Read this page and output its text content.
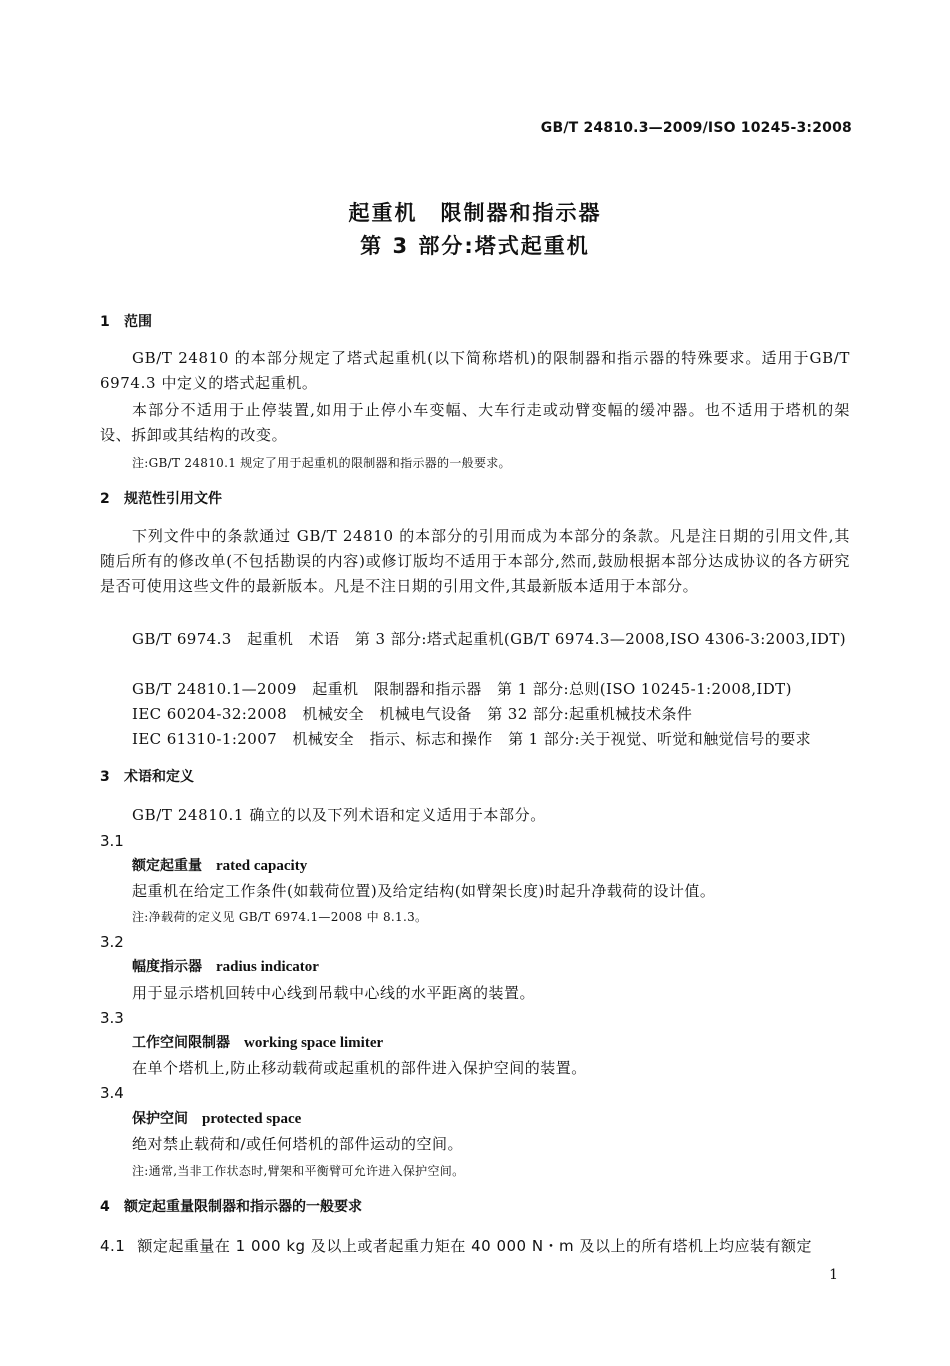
GB/T 24810.3—2009/ISO 10245-3:2008
起重机　限制器和指示器
第 3 部分:塔式起重机
1 范围
GB/T 24810 的本部分规定了塔式起重机(以下简称塔机)的限制器和指示器的特殊要求。适用于GB/T 6974.3 中定义的塔式起重机。
本部分不适用于止停装置,如用于止停小车变幅、大车行走或动臂变幅的缓冲器。也不适用于塔机的架设、拆卸或其结构的改变。
注:GB/T 24810.1 规定了用于起重机的限制器和指示器的一般要求。
2 规范性引用文件
下列文件中的条款通过 GB/T 24810 的本部分的引用而成为本部分的条款。凡是注日期的引用文件,其随后所有的修改单(不包括勘误的内容)或修订版均不适用于本部分,然而,鼓励根据本部分达成协议的各方研究是否可使用这些文件的最新版本。凡是不注日期的引用文件,其最新版本适用于本部分。
GB/T 6974.3　起重机　术语　第 3 部分:塔式起重机(GB/T 6974.3—2008,ISO 4306-3:2003,IDT)
GB/T 24810.1—2009　起重机　限制器和指示器　第 1 部分:总则(ISO 10245-1:2008,IDT)
IEC 60204-32:2008　机械安全　机械电气设备　第 32 部分:起重机械技术条件
IEC 61310-1:2007　机械安全　指示、标志和操作　第 1 部分:关于视觉、听觉和触觉信号的要求
3 术语和定义
GB/T 24810.1 确立的以及下列术语和定义适用于本部分。
3.1
额定起重量 rated capacity
起重机在给定工作条件(如载荷位置)及给定结构(如臂架长度)时起升净载荷的设计值。
注:净载荷的定义见 GB/T 6974.1—2008 中 8.1.3。
3.2
幅度指示器 radius indicator
用于显示塔机回转中心线到吊载中心线的水平距离的装置。
3.3
工作空间限制器 working space limiter
在单个塔机上,防止移动载荷或起重机的部件进入保护空间的装置。
3.4
保护空间 protected space
绝对禁止载荷和/或任何塔机的部件运动的空间。
注:通常,当非工作状态时,臂架和平衡臂可允许进入保护空间。
4 额定起重量限制器和指示器的一般要求
4.1 额定起重量在 1 000 kg 及以上或者起重力矩在 40 000 N・m 及以上的所有塔机上均应装有额定
1
